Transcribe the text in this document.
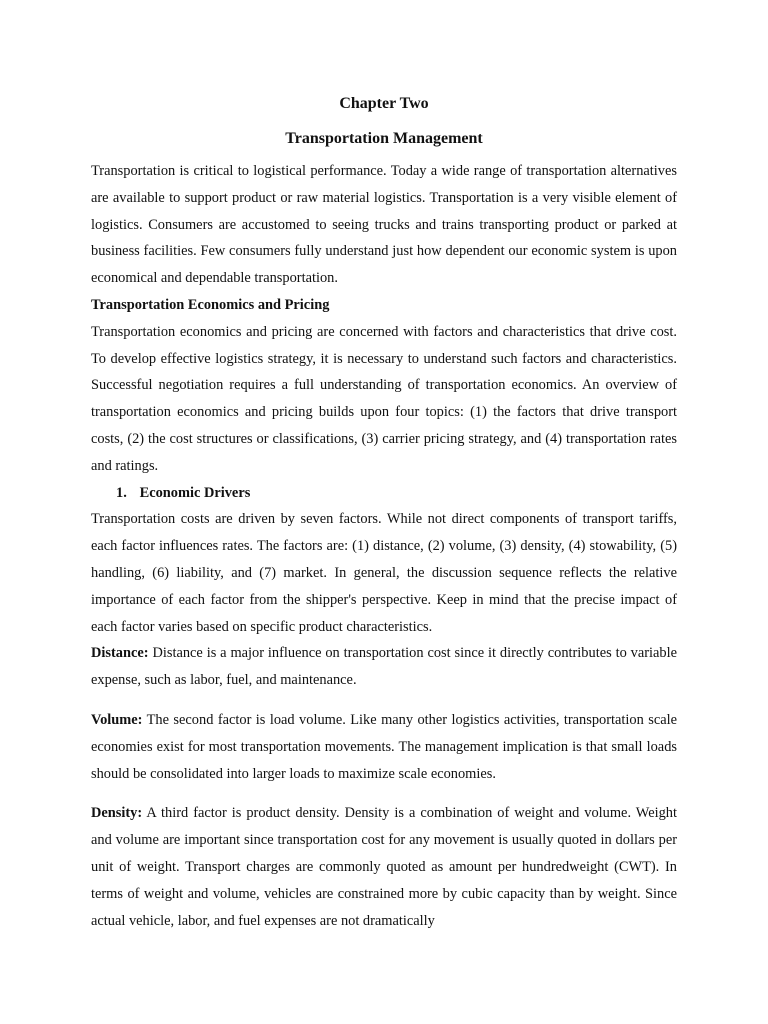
Chapter Two
Transportation Management

Transportation is critical to logistical performance. Today a wide range of transportation alternatives are available to support product or raw material logistics. Transportation is a very visible element of logistics. Consumers are accustomed to seeing trucks and trains transporting product or parked at business facilities. Few consumers fully understand just how dependent our economic system is upon economical and dependable transportation.

Transportation Economics and Pricing

Transportation economics and pricing are concerned with factors and characteristics that drive cost. To develop effective logistics strategy, it is necessary to understand such factors and characteristics. Successful negotiation requires a full understanding of transportation economics. An overview of transportation economics and pricing builds upon four topics: (1) the factors that drive transport costs, (2) the cost structures or classifications, (3) carrier pricing strategy, and (4) transportation rates and ratings.

1. Economic Drivers

Transportation costs are driven by seven factors. While not direct components of transport tariffs, each factor influences rates. The factors are: (1) distance, (2) volume, (3) density, (4) stowability, (5) handling, (6) liability, and (7) market. In general, the discussion sequence reflects the relative importance of each factor from the shipper's perspective. Keep in mind that the precise impact of each factor varies based on specific product characteristics.

Distance: Distance is a major influence on transportation cost since it directly contributes to variable expense, such as labor, fuel, and maintenance.

Volume: The second factor is load volume. Like many other logistics activities, transportation scale economies exist for most transportation movements. The management implication is that small loads should be consolidated into larger loads to maximize scale economies.

Density: A third factor is product density. Density is a combination of weight and volume. Weight and volume are important since transportation cost for any movement is usually quoted in dollars per unit of weight. Transport charges are commonly quoted as amount per hundredweight (CWT). In terms of weight and volume, vehicles are constrained more by cubic capacity than by weight. Since actual vehicle, labor, and fuel expenses are not dramatically
